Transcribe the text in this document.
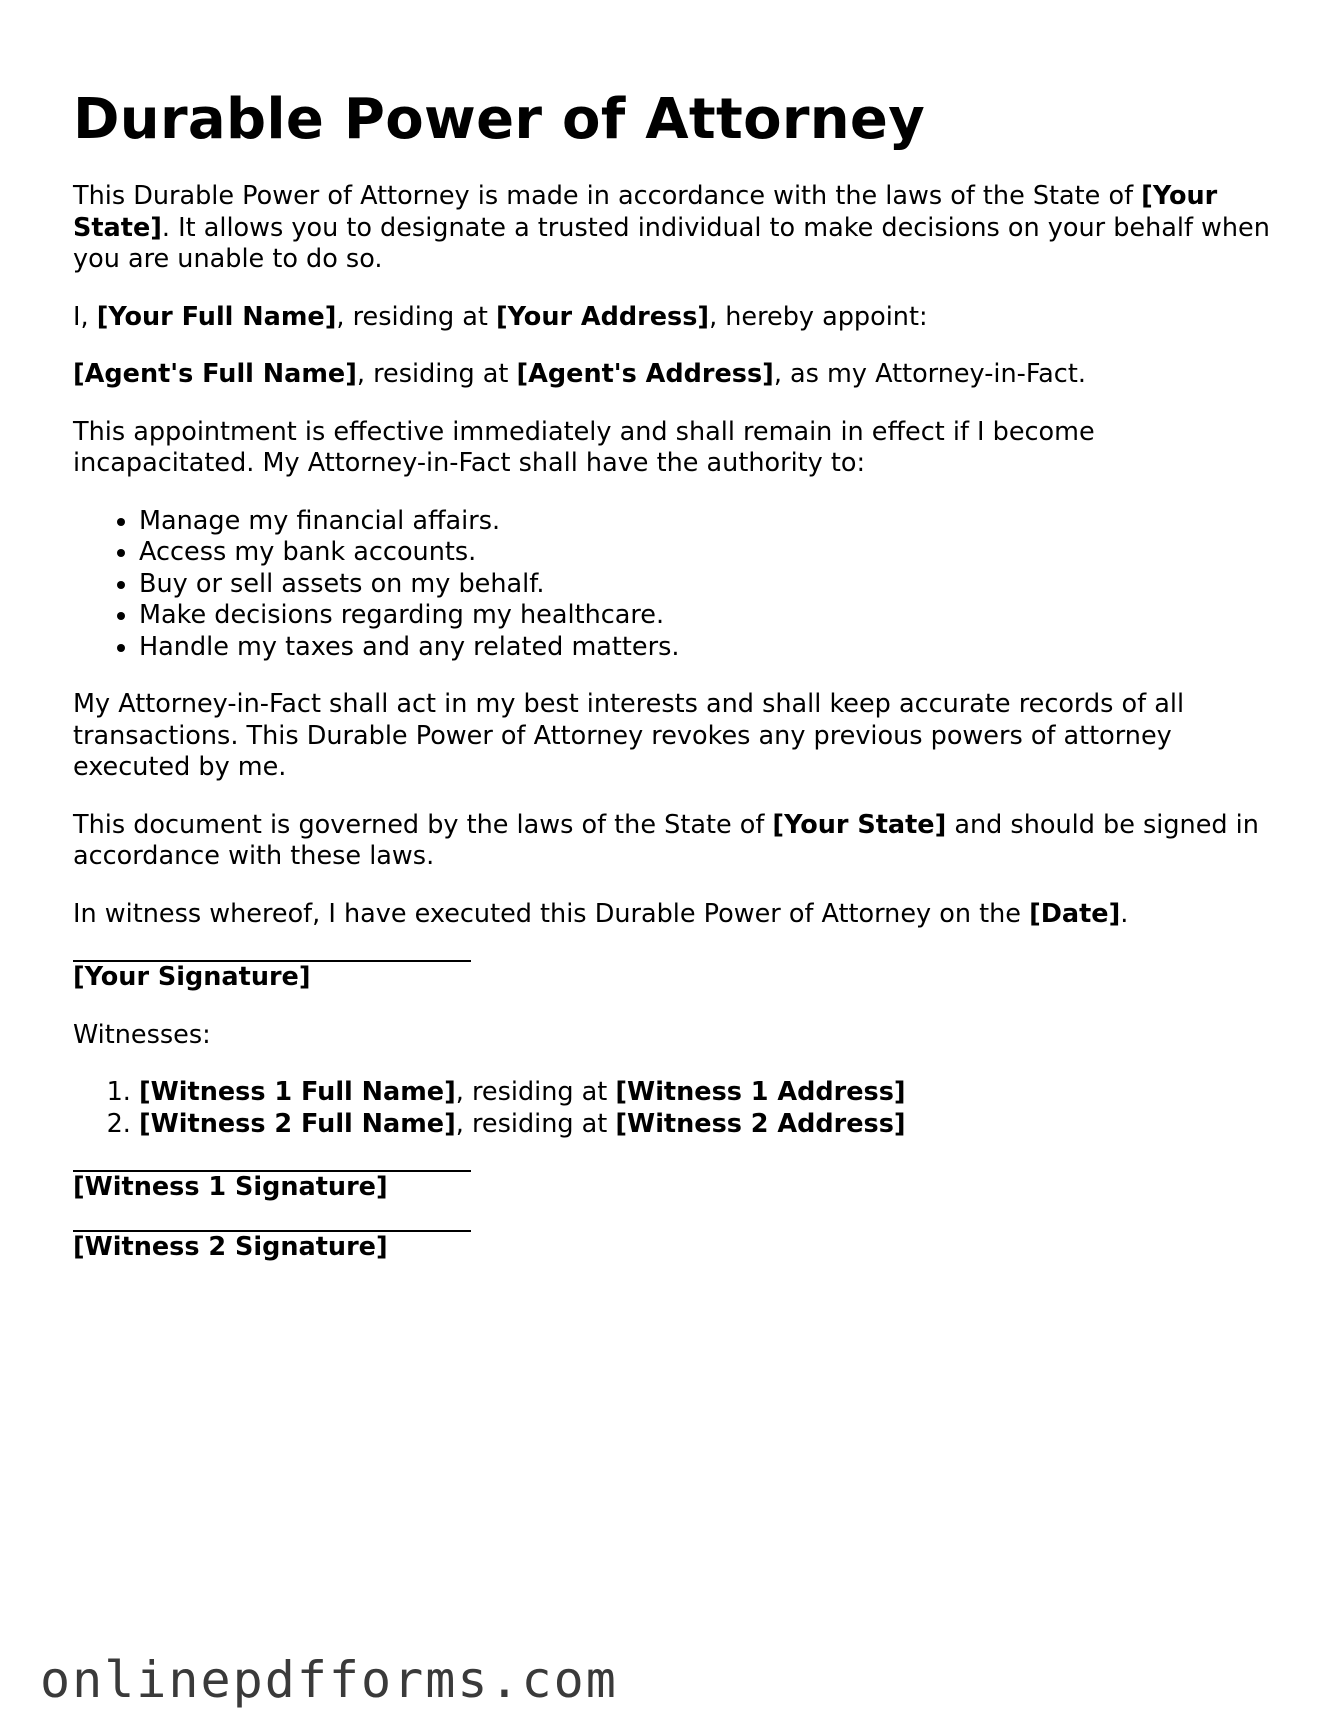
Durable Power of Attorney

This Durable Power of Attorney is made in accordance with the laws of the State of [Your State]. It allows you to designate a trusted individual to make decisions on your behalf when you are unable to do so.

I, [Your Full Name], residing at [Your Address], hereby appoint:

[Agent's Full Name], residing at [Agent's Address], as my Attorney-in-Fact.

This appointment is effective immediately and shall remain in effect if I become incapacitated. My Attorney-in-Fact shall have the authority to:

• Manage my financial affairs.
• Access my bank accounts.
• Buy or sell assets on my behalf.
• Make decisions regarding my healthcare.
• Handle my taxes and any related matters.

My Attorney-in-Fact shall act in my best interests and shall keep accurate records of all transactions. This Durable Power of Attorney revokes any previous powers of attorney executed by me.

This document is governed by the laws of the State of [Your State] and should be signed in accordance with these laws.

In witness whereof, I have executed this Durable Power of Attorney on the [Date].

[Your Signature]

Witnesses:

1. [Witness 1 Full Name], residing at [Witness 1 Address]
2. [Witness 2 Full Name], residing at [Witness 2 Address]
[Witness 1 Signature]
[Witness 2 Signature]
onlinepdfforms.com
